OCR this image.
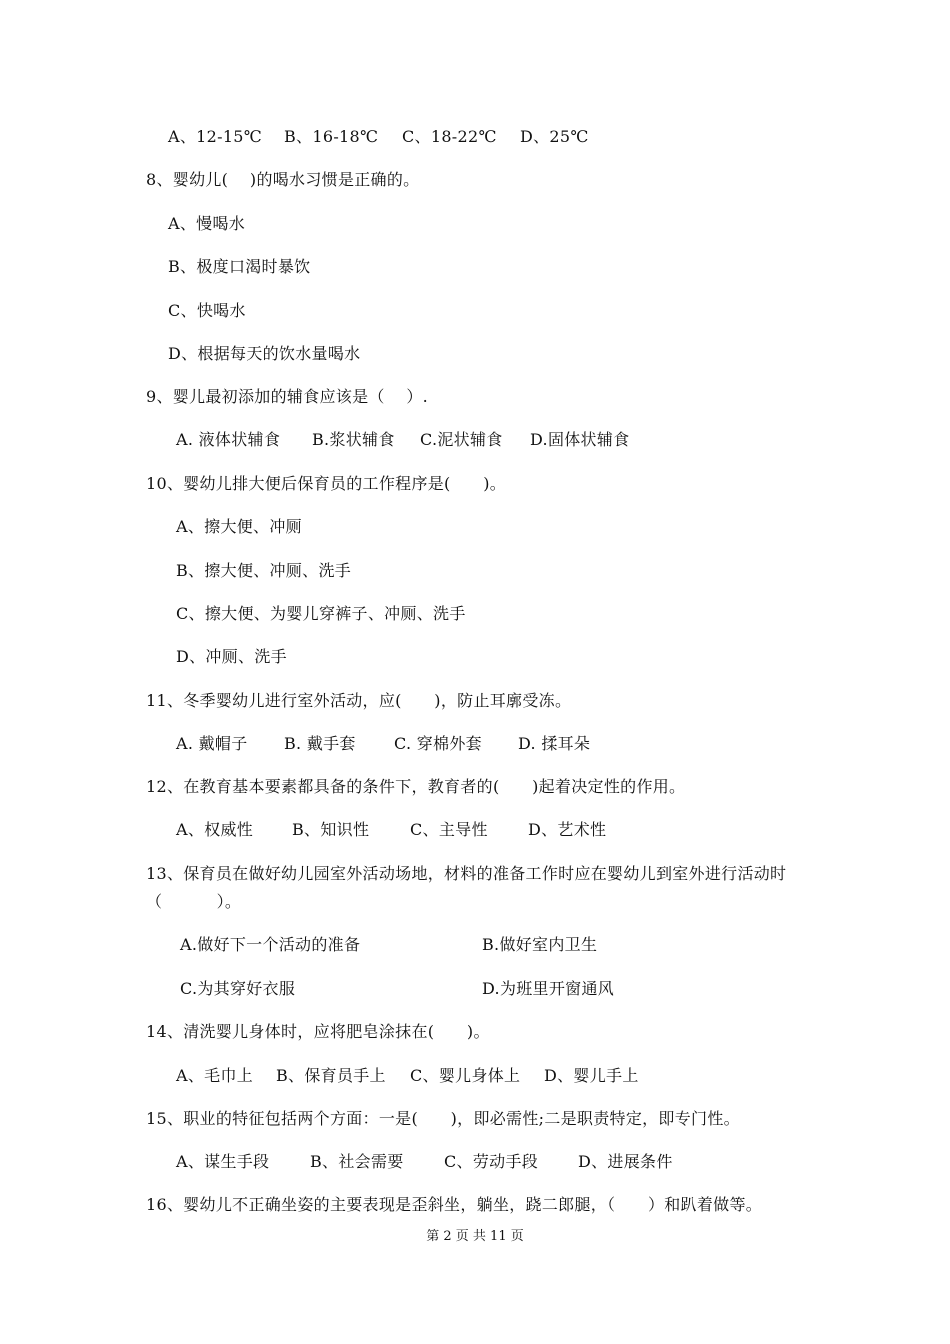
A、12-15℃	B、16-18℃	C、18-22℃	D、25℃
8、婴幼儿(　 )的喝水习惯是正确的。
A、慢喝水
B、极度口渴时暴饮
C、快喝水
D、根据每天的饮水量喝水
9、婴儿最初添加的辅食应该是（　 ）.
A. 液体状辅食	B.浆状辅食	C.泥状辅食	D.固体状辅食
10、婴幼儿排大便后保育员的工作程序是(　　)。
A、擦大便、冲厕
B、擦大便、冲厕、洗手
C、擦大便、为婴儿穿裤子、冲厕、洗手
D、冲厕、洗手
11、冬季婴幼儿进行室外活动，应(　　)，防止耳廓受冻。
A. 戴帽子	B. 戴手套	C. 穿棉外套	D. 揉耳朵
12、在教育基本要素都具备的条件下，教育者的(　　)起着决定性的作用。
A、权威性	B、知识性	C、主导性	D、艺术性
13、保育员在做好幼儿园室外活动场地，材料的准备工作时应在婴幼儿到室外进行活动时
（　　　 ）。
A.做好下一个活动的准备	B.做好室内卫生
C.为其穿好衣服	D.为班里开窗通风
14、清洗婴儿身体时，应将肥皂涂抹在(　　)。
A、毛巾上	B、保育员手上	C、婴儿身体上	D、婴儿手上
15、职业的特征包括两个方面：一是(　　)，即必需性;二是职责特定，即专门性。
A、谋生手段	B、社会需要	C、劳动手段	D、进展条件
16、婴幼儿不正确坐姿的主要表现是歪斜坐，躺坐，跷二郎腿，（　　）和趴着做等。
第 2 页 共 11 页
